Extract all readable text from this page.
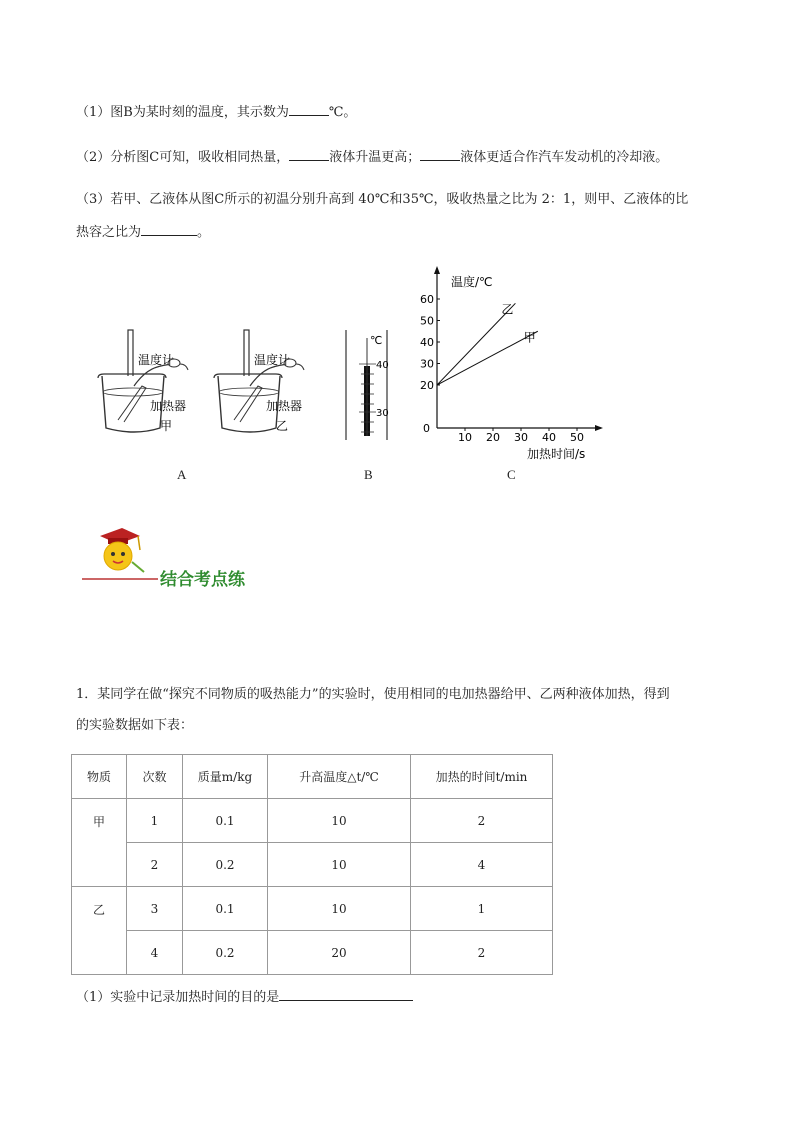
（1）图B为某时刻的温度，其示数为	℃。
（2）分析图C可知，吸收相同热量，	液体升温更高；	液体更适合作汽车发动机的冷却液。
（3）若甲、乙液体从图C所示的初温分别升高到 40℃和35℃，吸收热量之比为 2：1，则甲、乙液体的比
热容之比为	。
温度计
加热器
甲
温度计
加热器
乙
℃
40
30
温度/℃
加热时间/s
0
10 20 30 40 50
60
50
40
30
20
乙
甲
A	B	C
结合考点练
1．某同学在做“探究不同物质的吸热能力”的实验时，使用相同的电加热器给甲、乙两种液体加热，得到
的实验数据如下表：
物质	次数	质量m/kg	升高温度△t/℃	加热的时间t/min
甲	1	0.1	10	2
	2	0.2	10	4
乙	3	0.1	10	1
	4	0.2	20	2
（1）实验中记录加热时间的目的是
